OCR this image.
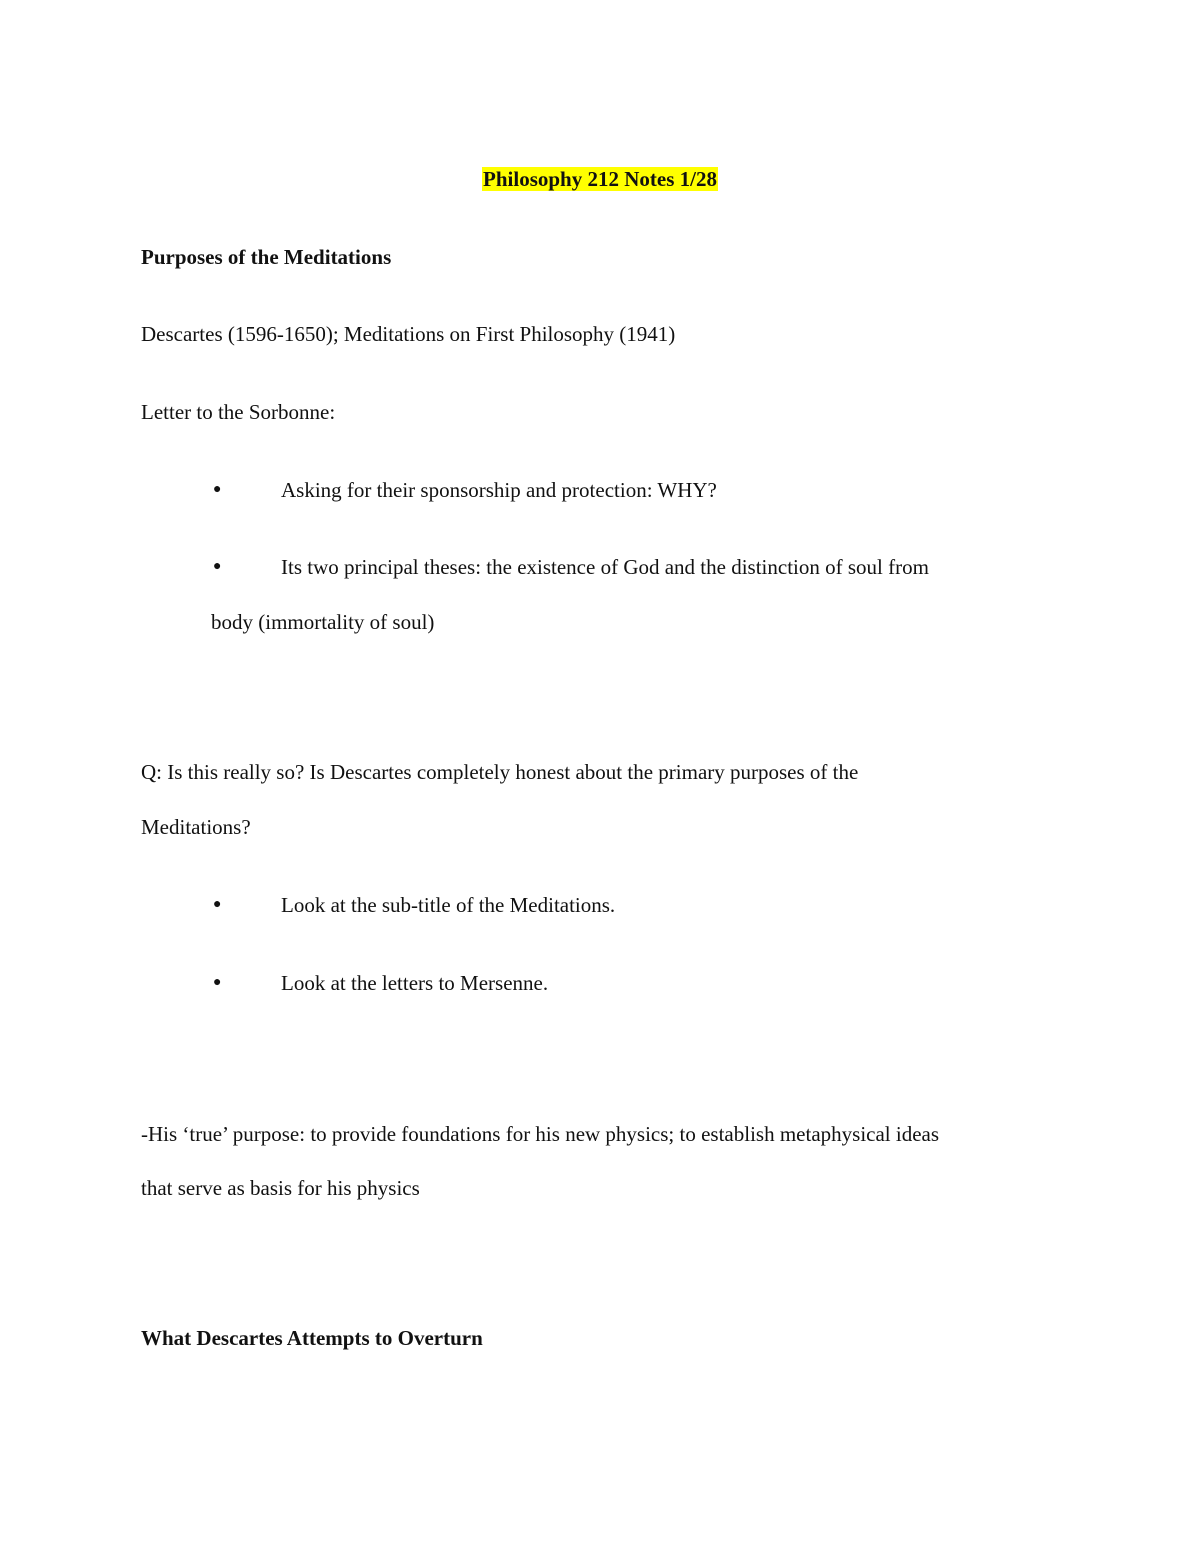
Philosophy 212 Notes 1/28
Purposes of the Meditations
Descartes (1596-1650); Meditations on First Philosophy (1941)
Letter to the Sorbonne:
●	Asking for their sponsorship and protection: WHY?
●	Its two principal theses: the existence of God and the distinction of soul from
body (immortality of soul)
Q: Is this really so? Is Descartes completely honest about the primary purposes of the
Meditations?
●	Look at the sub-title of the Meditations.
●	Look at the letters to Mersenne.
-His ‘true’ purpose: to provide foundations for his new physics; to establish metaphysical ideas
that serve as basis for his physics
What Descartes Attempts to Overturn
